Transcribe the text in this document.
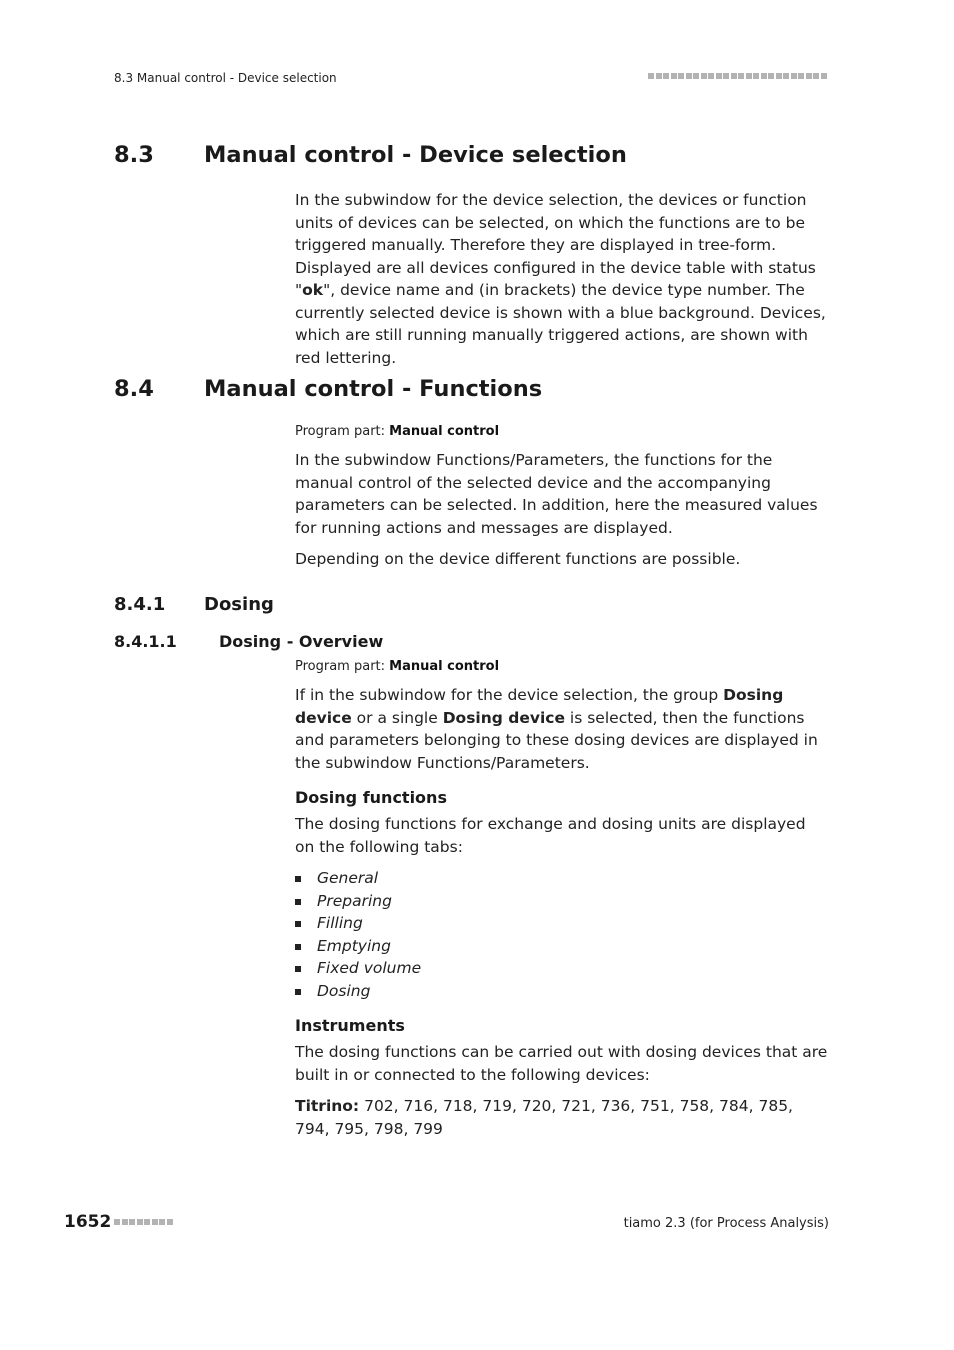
8.3 Manual control - Device selection
8.3 Manual control - Device selection

In the subwindow for the device selection, the devices or function units of devices can be selected, on which the functions are to be triggered manually. Therefore they are displayed in tree-form. Displayed are all devices configured in the device table with status "ok", device name and (in brackets) the device type number. The currently selected device is shown with a blue background. Devices, which are still running manually triggered actions, are shown with red lettering.

8.4 Manual control - Functions
Program part: Manual control

In the subwindow Functions/Parameters, the functions for the manual control of the selected device and the accompanying parameters can be selected. In addition, here the measured values for running actions and messages are displayed.

Depending on the device different functions are possible.

8.4.1 Dosing
8.4.1.1	Dosing - Overview
Program part: Manual control

If in the subwindow for the device selection, the group Dosing device or a single Dosing device is selected, then the functions and parameters belonging to these dosing devices are displayed in the subwindow Functions/Parameters.

Dosing functions

The dosing functions for exchange and dosing units are displayed on the following tabs:

General
Preparing
Filling
Emptying
Fixed volume
Dosing
Instruments

The dosing functions can be carried out with dosing devices that are built in or connected to the following devices:

Titrino: 702, 716, 718, 719, 720, 721, 736, 751, 758, 784, 785, 794, 795, 798, 799

1652	tiamo 2.3 (for Process Analysis)
